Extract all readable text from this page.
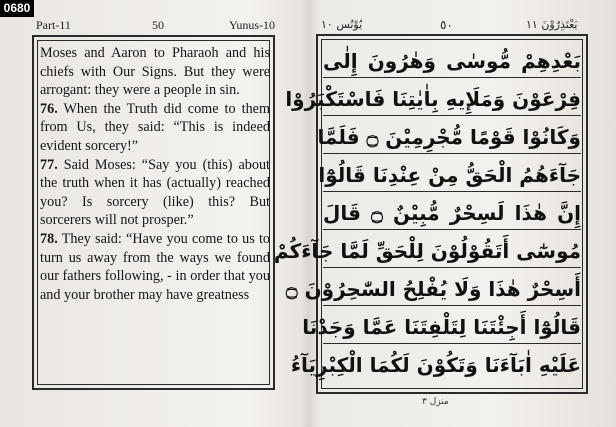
0680
Part-11	50	Yunus-10

Moses and Aaron to Pharaoh and his chiefs with Our Signs. But they were arrogant: they were a people in sin.

76. When the Truth did come to them from Us, they said: “This is indeed evident sorcery!”

77. Said Moses: “Say you (this) about the truth when it has (actually) reached you? Is sorcery (like) this? But sorcerers will not prosper.”

78. They said: “Have you come to us to turn us away from the ways we found our fathers following, - in order that you and your brother may have greatness

يُوْنُس ١٠	٥٠	يَعْتَذِرُوْنَ ١١
بَعْدِهِمْ مُّوسٰى وَهٰرُونَ إِلٰى
فِرْعَوْنَ وَمَلَإِيهِ بِاٰيٰتِنَا فَاسْتَكْبَرُوْا
وَكَانُوْا قَوْمًا مُّجْرِمِيْنَ ۝ فَلَمَّا
جَآءَهُمُ الْحَقُّ مِنْ عِنْدِنَا قَالُوْٓا
إِنَّ هٰذَا لَسِحْرٌ مُّبِيْنٌ ۝ قَالَ
مُوسٰٓى أَتَقُوْلُوْنَ لِلْحَقِّ لَمَّا جَآءَكُمْ
أَسِحْرٌ هٰذَا وَلَا يُفْلِحُ السّٰحِرُوْنَ ۝
قَالُوْٓا أَجِئْتَنَا لِتَلْفِتَنَا عَمَّا وَجَدْنَا
عَلَيْهِ اٰبَآءَنَا وَتَكُوْنَ لَكُمَا الْكِبْرِيَآءُ
منزل ٣
